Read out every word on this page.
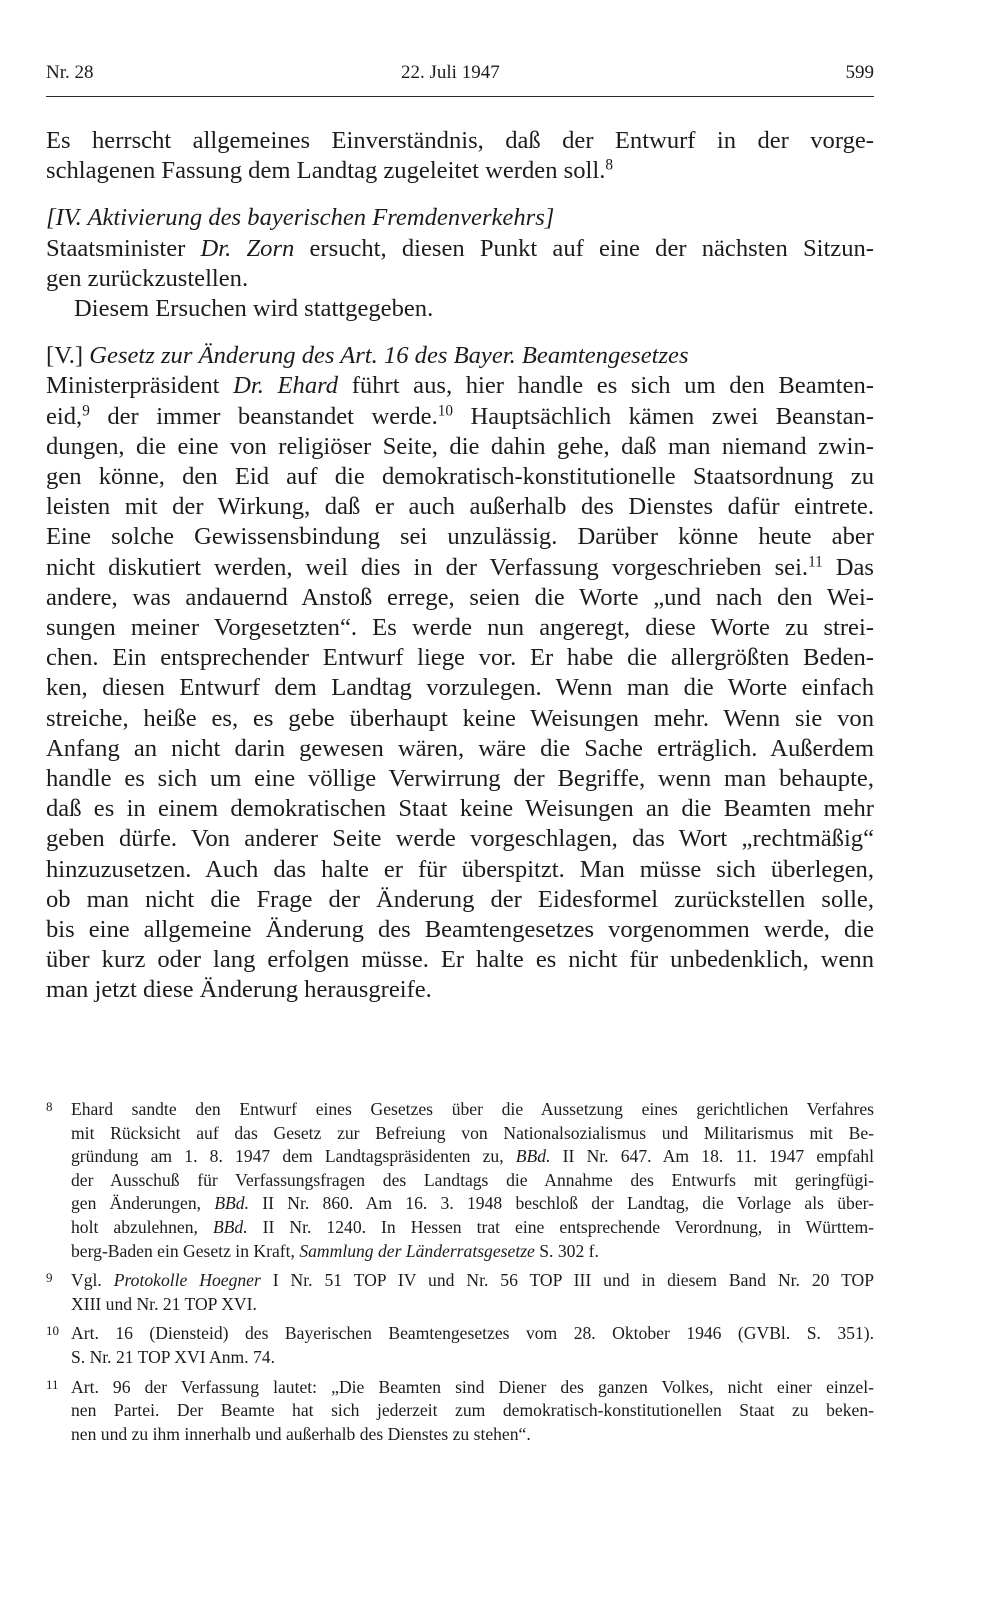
Nr. 28	22. Juli 1947	599
Es herrscht allgemeines Einverständnis, daß der Entwurf in der vorge-
schlagenen Fassung dem Landtag zugeleitet werden soll.$^8$

[IV. Aktivierung des bayerischen Fremdenverkehrs]

Staatsminister Dr. Zorn ersucht, diesen Punkt auf eine der nächsten Sitzun-
gen zurückzustellen.
Diesem Ersuchen wird stattgegeben.

[V.] Gesetz zur Änderung des Art. 16 des Bayer. Beamtengesetzes

Ministerpräsident Dr. Ehard führt aus, hier handle es sich um den Beamten-
eid,$^9$ der immer beanstandet werde.$^{10}$ Hauptsächlich kämen zwei Beanstan-
dungen, die eine von religiöser Seite, die dahin gehe, daß man niemand zwin-
gen könne, den Eid auf die demokratisch-konstitutionelle Staatsordnung zu
leisten mit der Wirkung, daß er auch außerhalb des Dienstes dafür eintrete.
Eine solche Gewissensbindung sei unzulässig. Darüber könne heute aber
nicht diskutiert werden, weil dies in der Verfassung vorgeschrieben sei.$^{11}$ Das
andere, was andauernd Anstoß errege, seien die Worte „und nach den Wei-
sungen meiner Vorgesetzten“. Es werde nun angeregt, diese Worte zu strei-
chen. Ein entsprechender Entwurf liege vor. Er habe die allergrößten Beden-
ken, diesen Entwurf dem Landtag vorzulegen. Wenn man die Worte einfach
streiche, heiße es, es gebe überhaupt keine Weisungen mehr. Wenn sie von
Anfang an nicht darin gewesen wären, wäre die Sache erträglich. Außerdem
handle es sich um eine völlige Verwirrung der Begriffe, wenn man behaupte,
daß es in einem demokratischen Staat keine Weisungen an die Beamten mehr
geben dürfe. Von anderer Seite werde vorgeschlagen, das Wort „rechtmäßig“
hinzuzusetzen. Auch das halte er für überspitzt. Man müsse sich überlegen,
ob man nicht die Frage der Änderung der Eidesformel zurückstellen solle,
bis eine allgemeine Änderung des Beamtengesetzes vorgenommen werde, die
über kurz oder lang erfolgen müsse. Er halte es nicht für unbedenklich, wenn
man jetzt diese Änderung herausgreife.
8 Ehard sandte den Entwurf eines Gesetzes über die Aussetzung eines gerichtlichen Verfahres
mit Rücksicht auf das Gesetz zur Befreiung von Nationalsozialismus und Militarismus mit Be-
gründung am 1. 8. 1947 dem Landtagspräsidenten zu, BBd. II Nr. 647. Am 18. 11. 1947 empfahl
der Ausschuß für Verfassungsfragen des Landtags die Annahme des Entwurfs mit geringfügi-
gen Änderungen, BBd. II Nr. 860. Am 16. 3. 1948 beschloß der Landtag, die Vorlage als über-
holt abzulehnen, BBd. II Nr. 1240. In Hessen trat eine entsprechende Verordnung, in Württem-
berg-Baden ein Gesetz in Kraft, Sammlung der Länderratsgesetze S. 302 f.
9 Vgl. Protokolle Hoegner I Nr. 51 TOP IV und Nr. 56 TOP III und in diesem Band Nr. 20 TOP
XIII und Nr. 21 TOP XVI.
10 Art. 16 (Diensteid) des Bayerischen Beamtengesetzes vom 28. Oktober 1946 (GVBl. S. 351).
S. Nr. 21 TOP XVI Anm. 74.
11 Art. 96 der Verfassung lautet: „Die Beamten sind Diener des ganzen Volkes, nicht einer einzel-
nen Partei. Der Beamte hat sich jederzeit zum demokratisch-konstitutionellen Staat zu beken-
nen und zu ihm innerhalb und außerhalb des Dienstes zu stehen“.
